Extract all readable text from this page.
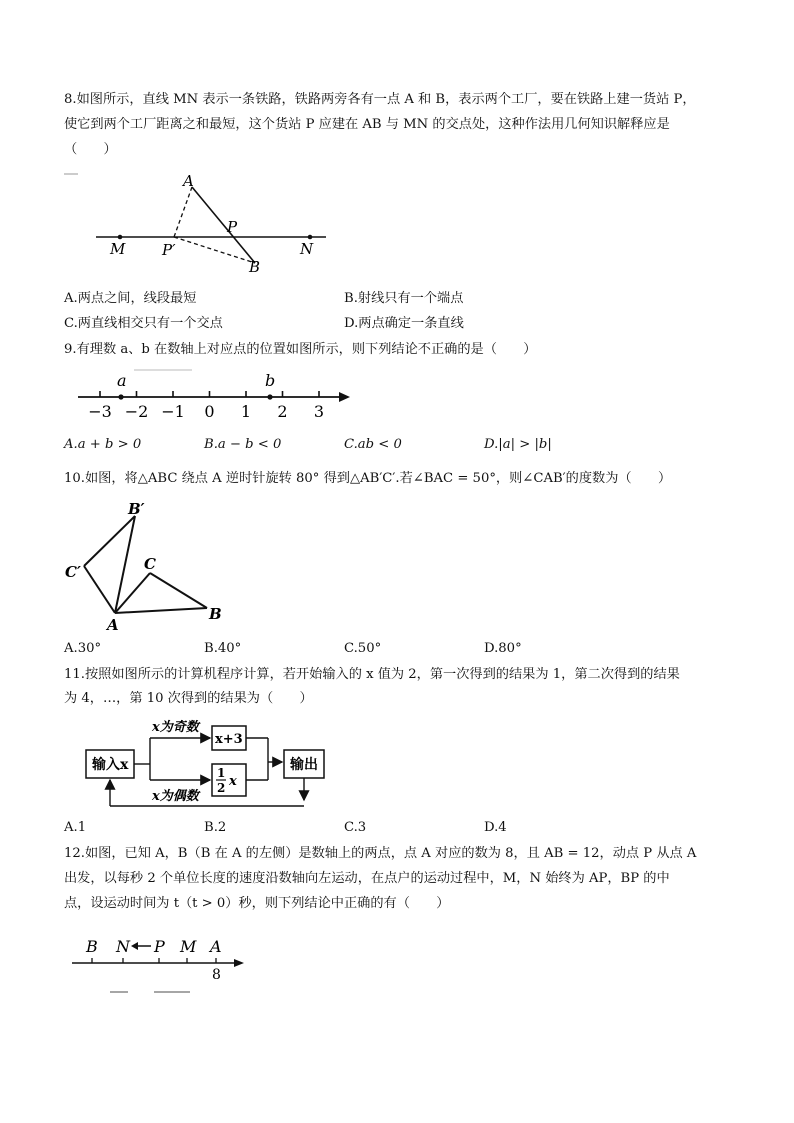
8.如图所示，直线 MN 表示一条铁路，铁路两旁各有一点 A 和 B，表示两个工厂，要在铁路上建一货站 P，
使它到两个工厂距离之和最短，这个货站 P 应建在 AB 与 MN 的交点处，这种作法用几何知识解释应是
（　　）
A
P
M P′	N
B
A.两点之间，线段最短	B.射线只有一个端点
C.两直线相交只有一个交点	D.两点确定一条直线
9.有理数 a、b 在数轴上对应点的位置如图所示，则下列结论不正确的是（　　）
−3 −2 −1 0 1 2 3
a	b
A.a + b > 0	B.a − b < 0	C.ab < 0	D.|a| > |b|
10.如图，将△ABC 绕点 A 逆时针旋转 80° 得到△AB′C′.若∠BAC = 50°，则∠CAB′的度数为（　　）
B′
C′	C
A
B
A.30°	B.40°	C.50°	D.80°
11.按照如图所示的计算机程序计算，若开始输入的 x 值为 2，第一次得到的结果为 1，第二次得到的结果
为 4，…，第 10 次得到的结果为（　　）
输入x
x为奇数
x为偶数
x+3
1
2 x
输出
A.1	B.2	C.3	D.4
12.如图，已知 A，B（B 在 A 的左侧）是数轴上的两点，点 A 对应的数为 8，且 AB = 12，动点 P 从点 A
出发，以每秒 2 个单位长度的速度沿数轴向左运动，在点户的运动过程中，M，N 始终为 AP，BP 的中
点，设运动时间为 t（t > 0）秒，则下列结论中正确的有（　　）
B N P M A
8
